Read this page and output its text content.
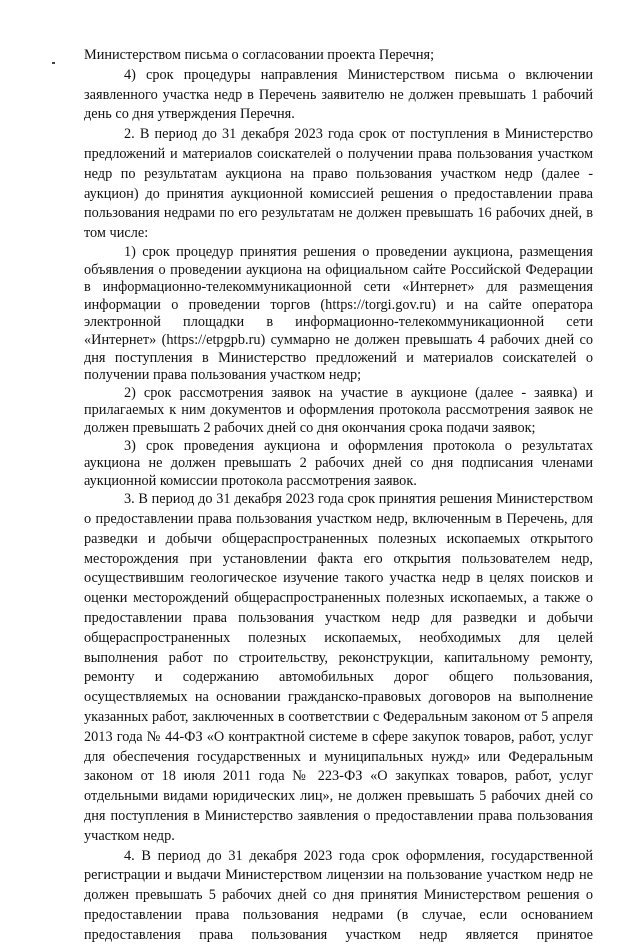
Министерством письма о согласовании проекта Перечня;

4) срок процедуры направления Министерством письма о включении заявленного участка недр в Перечень заявителю не должен превышать 1 рабочий день со дня утверждения Перечня.

2. В период до 31 декабря 2023 года срок от поступления в Министерство предложений и материалов соискателей о получении права пользования участком недр по результатам аукциона на право пользования участком недр (далее - аукцион) до принятия аукционной комиссией решения о предоставлении права пользования недрами по его результатам не должен превышать 16 рабочих дней, в том числе:

1) срок процедур принятия решения о проведении аукциона, размещения объявления о проведении аукциона на официальном сайте Российской Федерации в информационно-телекоммуникационной сети «Интернет» для размещения информации о проведении торгов (https://torgi.gov.ru) и на сайте оператора электронной площадки в информационно-телекоммуникационной сети «Интернет» (https://etpgpb.ru) суммарно не должен превышать 4 рабочих дней со дня поступления в Министерство предложений и материалов соискателей о получении права пользования участком недр;

2) срок рассмотрения заявок на участие в аукционе (далее - заявка) и прилагаемых к ним документов и оформления протокола рассмотрения заявок не должен превышать 2 рабочих дней со дня окончания срока подачи заявок;

3) срок проведения аукциона и оформления протокола о результатах аукциона не должен превышать 2 рабочих дней со дня подписания членами аукционной комиссии протокола рассмотрения заявок.

3. В период до 31 декабря 2023 года срок принятия решения Министерством о предоставлении права пользования участком недр, включенным в Перечень, для разведки и добычи общераспространенных полезных ископаемых открытого месторождения при установлении факта его открытия пользователем недр, осуществившим геологическое изучение такого участка недр в целях поисков и оценки месторождений общераспространенных полезных ископаемых, а также о предоставлении права пользования участком недр для разведки и добычи общераспространенных полезных ископаемых, необходимых для целей выполнения работ по строительству, реконструкции, капитальному ремонту, ремонту и содержанию автомобильных дорог общего пользования, осуществляемых на основании гражданско-правовых договоров на выполнение указанных работ, заключенных в соответствии с Федеральным законом от 5 апреля 2013 года № 44-ФЗ «О контрактной системе в сфере закупок товаров, работ, услуг для обеспечения государственных и муниципальных нужд» или Федеральным законом от 18 июля 2011 года № 223-ФЗ «О закупках товаров, работ, услуг отдельными видами юридических лиц», не должен превышать 5 рабочих дней со дня поступления в Министерство заявления о предоставлении права пользования участком недр.

4. В период до 31 декабря 2023 года срок оформления, государственной регистрации и выдачи Министерством лицензии на пользование участком недр не должен превышать 5 рабочих дней со дня принятия Министерством решения о предоставлении права пользования недрами (в случае, если основанием предоставления права пользования участком недр является принятое
